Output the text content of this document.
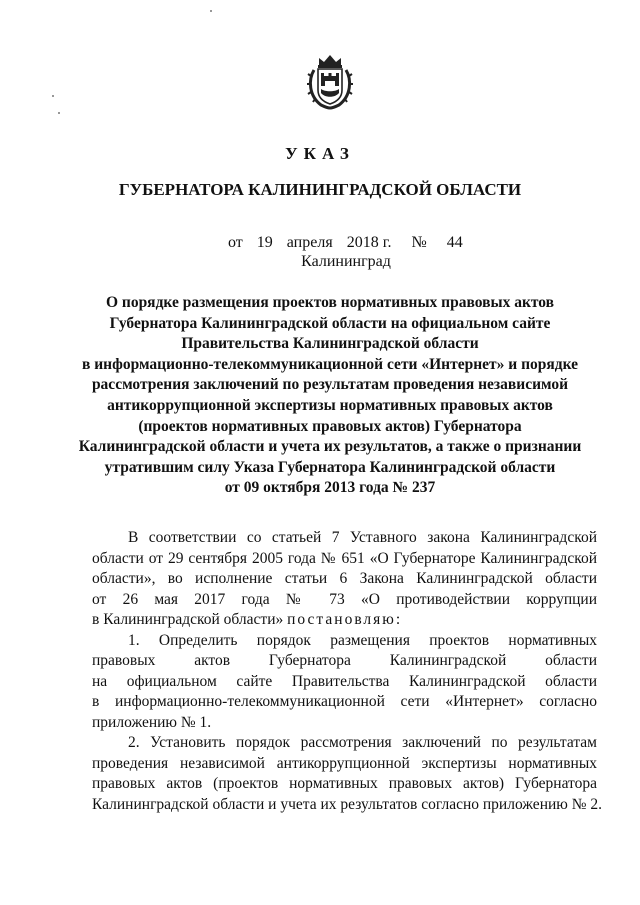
УКАЗ
ГУБЕРНАТОРА КАЛИНИНГРАДСКОЙ ОБЛАСТИ
от 19 апреля 2018 г. № 44
Калининград
О порядке размещения проектов нормативных правовых актов
Губернатора Калининградской области на официальном сайте
Правительства Калининградской области
в информационно-телекоммуникационной сети «Интернет» и порядке
рассмотрения заключений по результатам проведения независимой
антикоррупционной экспертизы нормативных правовых актов
(проектов нормативных правовых актов) Губернатора
Калининградской области и учета их результатов, а также о признании
утратившим силу Указа Губернатора Калининградской области
от 09 октября 2013 года № 237
В соответствии со статьей 7 Уставного закона Калининградской
области от 29 сентября 2005 года № 651 «О Губернаторе Калининградской
области», во исполнение статьи 6 Закона Калининградской области
от 26 мая 2017 года № 73 «О противодействии коррупции
в Калининградской области» постановляю:
1. Определить порядок размещения проектов нормативных
правовых актов Губернатора Калининградской области
на официальном сайте Правительства Калининградской области
в информационно-телекоммуникационной сети «Интернет» согласно
приложению № 1.
2. Установить порядок рассмотрения заключений по результатам
проведения независимой антикоррупционной экспертизы нормативных
правовых актов (проектов нормативных правовых актов) Губернатора
Калининградской области и учета их результатов согласно приложению № 2.
